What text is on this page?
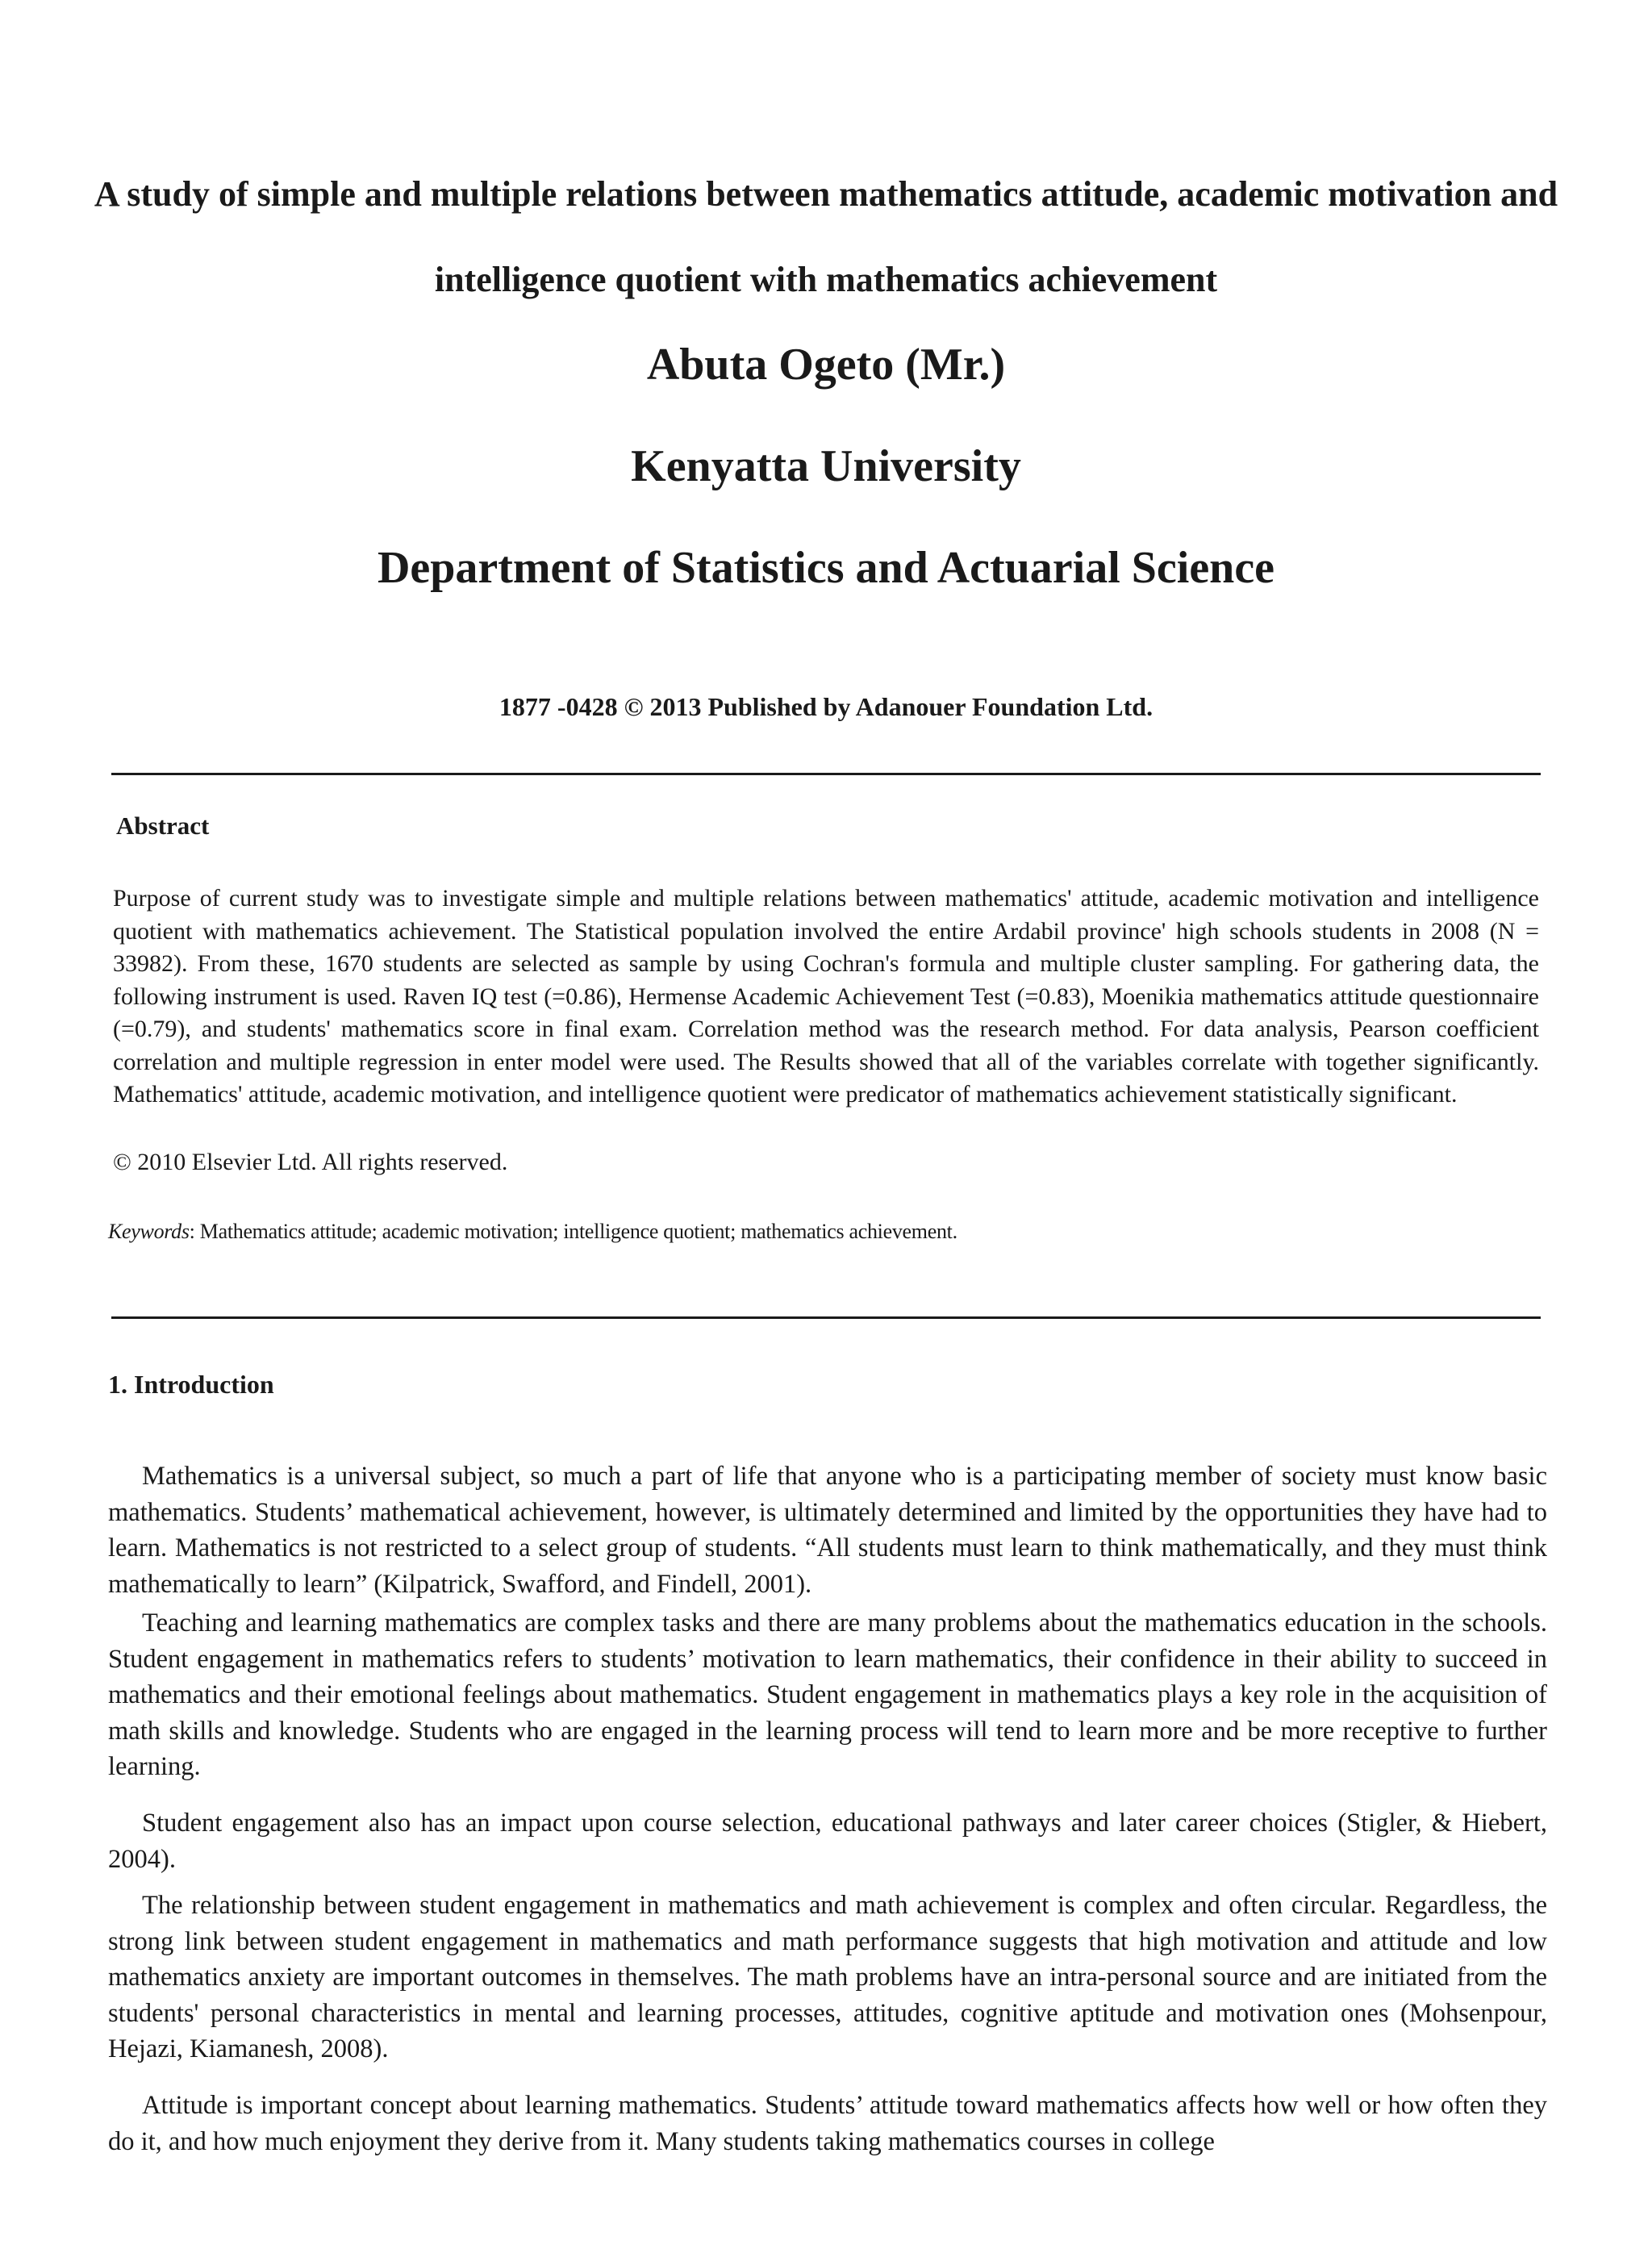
A study of simple and multiple relations between mathematics attitude, academic motivation and intelligence quotient with mathematics achievement
Abuta Ogeto (Mr.)
Kenyatta University
Department of Statistics and Actuarial Science

1877 -0428 © 2013 Published by Adanouer Foundation Ltd.

Abstract

Purpose of current study was to investigate simple and multiple relations between mathematics' attitude, academic motivation and intelligence quotient with mathematics achievement. The Statistical population involved the entire Ardabil province' high schools students in 2008 (N = 33982). From these, 1670 students are selected as sample by using Cochran's formula and multiple cluster sampling. For gathering data, the following instrument is used. Raven IQ test (=0.86), Hermense Academic Achievement Test (=0.83), Moenikia mathematics attitude questionnaire (=0.79), and students' mathematics score in final exam. Correlation method was the research method. For data analysis, Pearson coefficient correlation and multiple regression in enter model were used. The Results showed that all of the variables correlate with together significantly. Mathematics' attitude, academic motivation, and intelligence quotient were predicator of mathematics achievement statistically significant.

© 2010 Elsevier Ltd. All rights reserved.

Keywords: Mathematics attitude; academic motivation; intelligence quotient; mathematics achievement.

1. Introduction

Mathematics is a universal subject, so much a part of life that anyone who is a participating member of society must know basic mathematics. Students’ mathematical achievement, however, is ultimately determined and limited by the opportunities they have had to learn. Mathematics is not restricted to a select group of students. “All students must learn to think mathematically, and they must think mathematically to learn” (Kilpatrick, Swafford, and Findell, 2001).

Teaching and learning mathematics are complex tasks and there are many problems about the mathematics education in the schools. Student engagement in mathematics refers to students’ motivation to learn mathematics, their confidence in their ability to succeed in mathematics and their emotional feelings about mathematics. Student engagement in mathematics plays a key role in the acquisition of math skills and knowledge. Students who are engaged in the learning process will tend to learn more and be more receptive to further learning.

Student engagement also has an impact upon course selection, educational pathways and later career choices (Stigler, & Hiebert, 2004).

The relationship between student engagement in mathematics and math achievement is complex and often circular. Regardless, the strong link between student engagement in mathematics and math performance suggests that high motivation and attitude and low mathematics anxiety are important outcomes in themselves. The math problems have an intra-personal source and are initiated from the students' personal characteristics in mental and learning processes, attitudes, cognitive aptitude and motivation ones (Mohsenpour, Hejazi, Kiamanesh, 2008).

Attitude is important concept about learning mathematics. Students’ attitude toward mathematics affects how well or how often they do it, and how much enjoyment they derive from it. Many students taking mathematics courses in college
